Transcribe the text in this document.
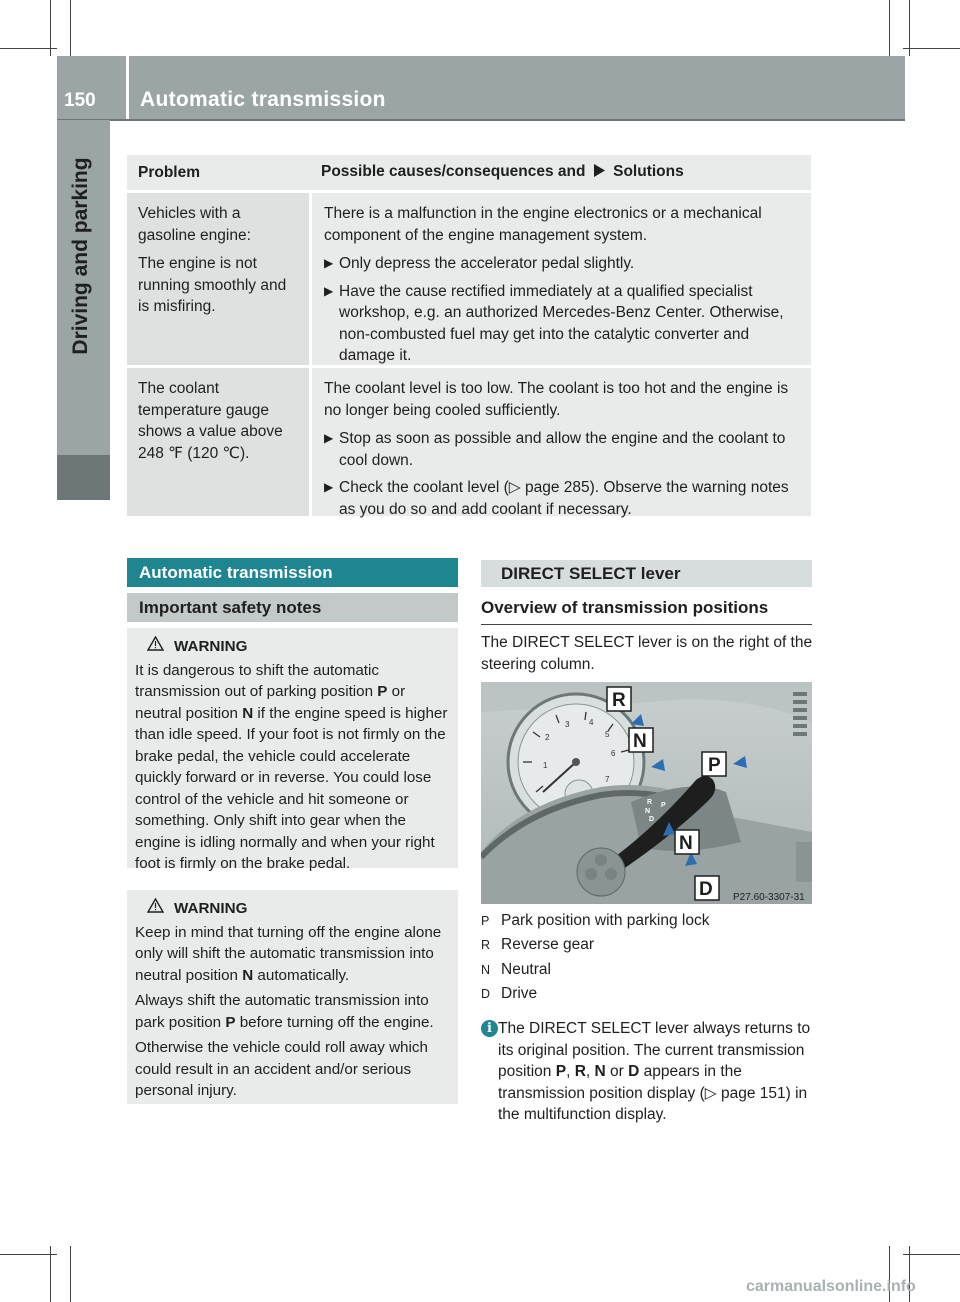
150 Automatic transmission
Driving and parking	Problem	Possible causes/consequences and Solutions

Vehicles with a gasoline engine:

The engine is not running smoothly and is misfiring.

There is a malfunction in the engine electronics or a mechanical component of the engine management system.

▶ Only depress the accelerator pedal slightly.
▶ Have the cause rectified immediately at a qualified specialist workshop, e.g. an authorized Mercedes-Benz Center. Otherwise, non-combusted fuel may get into the catalytic converter and damage it.

The coolant temperature gauge shows a value above 248 ℉ (120 ℃).

The coolant level is too low. The coolant is too hot and the engine is no longer being cooled sufficiently.

▶ Stop as soon as possible and allow the engine and the coolant to cool down.
▶ Check the coolant level (▷ page 285). Observe the warning notes as you do so and add coolant if necessary.
Automatic transmission
Important safety notes
WARNING

It is dangerous to shift the automatic transmission out of parking position P or neutral position N if the engine speed is higher than idle speed. If your foot is not firmly on the brake pedal, the vehicle could accelerate quickly forward or in reverse. You could lose control of the vehicle and hit someone or something. Only shift into gear when the engine is idling normally and when your right foot is firmly on the brake pedal.

WARNING

Keep in mind that turning off the engine alone only will shift the automatic transmission into neutral position N automatically.

Always shift the automatic transmission into park position P before turning off the engine.

Otherwise the vehicle could roll away which could result in an accident and/or serious personal injury.

DIRECT SELECT lever
Overview of transmission positions
The DIRECT SELECT lever is on the right of the steering column.
1
2
3 4
5
6
7
R
N
D
P
R
N
P
N
D P27.60-3307-31
P Park position with parking lock
R Reverse gear
N Neutral
D Drive
i The DIRECT SELECT lever always returns to its original position. The current transmission position P, R, N or D appears in the transmission position display (▷ page 151) in the multifunction display.
carmanualsonline.info
